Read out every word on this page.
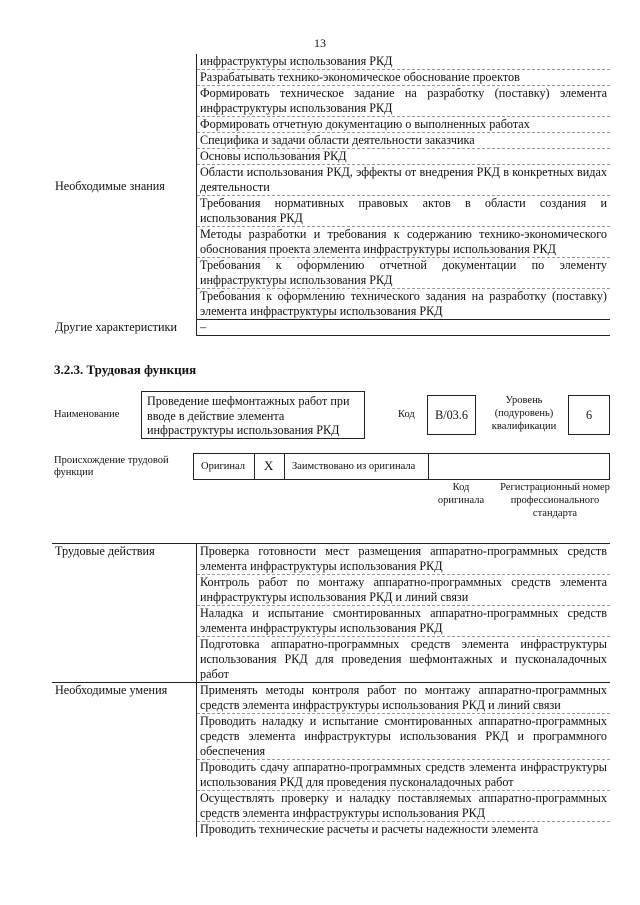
13
Необходимые знания	инфраструктуры использования РКД
	Разрабатывать технико-экономическое обоснование проектов
	Формировать техническое задание на разработку (поставку) элемента инфраструктуры использования РКД
	Формировать отчетную документацию о выполненных работах
	Специфика и задачи области деятельности заказчика
	Основы использования РКД
	Области использования РКД, эффекты от внедрения РКД в конкретных видах деятельности
	Требования нормативных правовых актов в области создания и использования РКД
	Методы разработки и требования к содержанию технико-экономического обоснования проекта элемента инфраструктуры использования РКД
	Требования к оформлению отчетной документации по элементу инфраструктуры использования РКД
	Требования к оформлению технического задания на разработку (поставку) элемента инфраструктуры использования РКД
Другие характеристики	–
3.2.3. Трудовая функция
Наименование
Проведение шефмонтажных работ при вводе в действие элемента инфраструктуры использования РКД
Код	B/03.6
Уровень (подуровень) квалификации
6
Происхождение трудовой функции
Оригинал X Заимствовано из оригинала
Код оригинала
Регистрационный номер профессионального стандарта
Трудовые действия	Проверка готовности мест размещения аппаратно-программных средств элемента инфраструктуры использования РКД
	Контроль работ по монтажу аппаратно-программных средств элемента инфраструктуры использования РКД и линий связи
	Наладка и испытание смонтированных аппаратно-программных средств элемента инфраструктуры использования РКД
	Подготовка аппаратно-программных средств элемента инфраструктуры использования РКД для проведения шефмонтажных и пусконаладочных работ
Необходимые умения	Применять методы контроля работ по монтажу аппаратно-программных средств элемента инфраструктуры использования РКД и линий связи
	Проводить наладку и испытание смонтированных аппаратно-программных средств элемента инфраструктуры использования РКД и программного обеспечения
	Проводить сдачу аппаратно-программных средств элемента инфраструктуры использования РКД для проведения пусконаладочных работ
	Осуществлять проверку и наладку поставляемых аппаратно-программных средств элемента инфраструктуры использования РКД
	Проводить технические расчеты и расчеты надежности элемента
